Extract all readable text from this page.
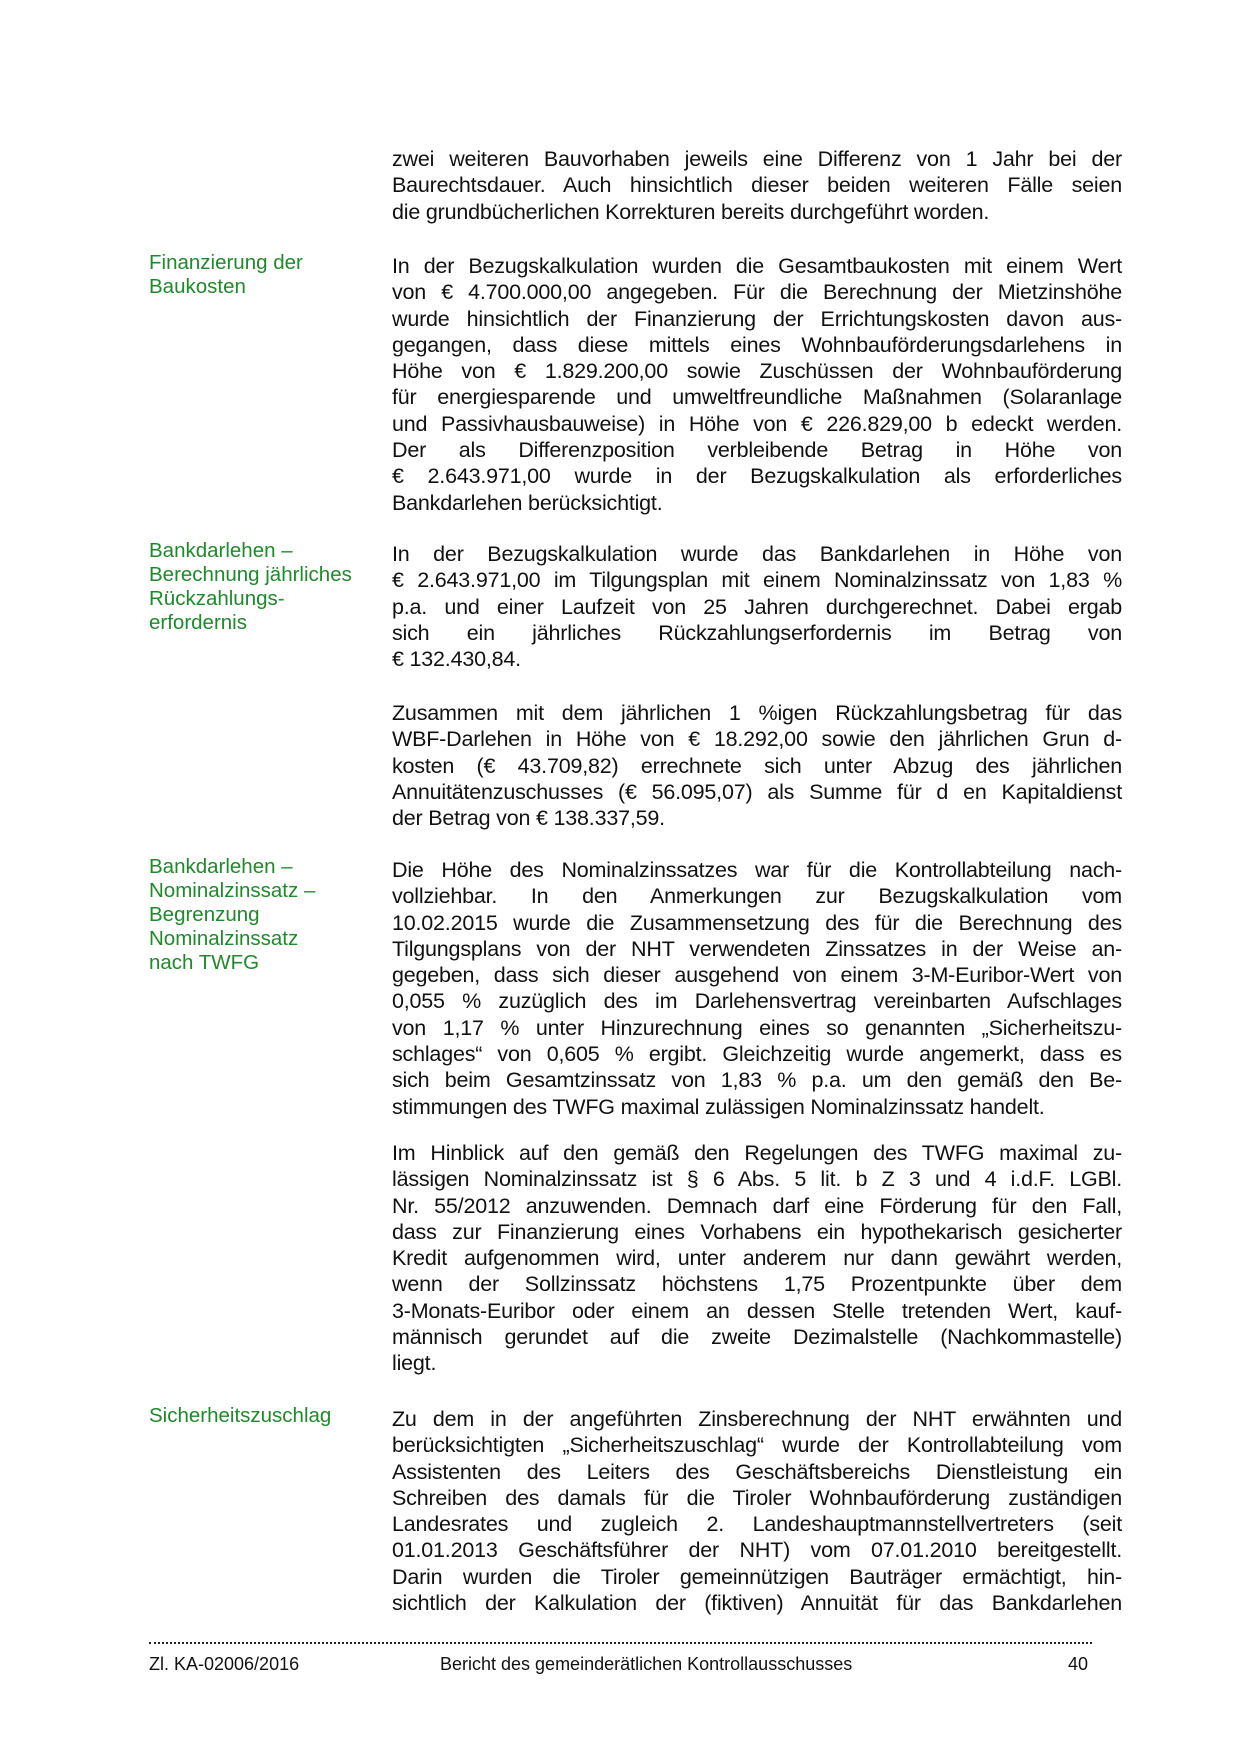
zwei weiteren Bauvorhaben jeweils eine Differenz von 1 Jahr bei der
Baurechtsdauer. Auch hinsichtlich dieser beiden weiteren Fälle seien
die grundbücherlichen Korrekturen bereits durchgeführt worden.
Finanzierung der
Baukosten
In der Bezugskalkulation wurden die Gesamtbaukosten mit einem Wert
von € 4.700.000,00 angegeben. Für die Berechnung der Mietzinshöhe
wurde hinsichtlich der Finanzierung der Errichtungskosten davon aus-
gegangen, dass diese mittels eines Wohnbauförderungsdarlehens in
Höhe von € 1.829.200,00 sowie Zuschüssen der Wohnbauförderung
für energiesparende und umweltfreundliche Maßnahmen (Solaranlage
und Passivhausbauweise) in Höhe von € 226.829,00 b edeckt werden.
Der als Differenzposition verbleibende Betrag in Höhe von
€ 2.643.971,00 wurde in der Bezugskalkulation als erforderliches
Bankdarlehen berücksichtigt.
Bankdarlehen –
Berechnung jährliches
Rückzahlungs-
erfordernis
In der Bezugskalkulation wurde das Bankdarlehen in Höhe von
€ 2.643.971,00 im Tilgungsplan mit einem Nominalzinssatz von 1,83 %
p.a. und einer Laufzeit von 25 Jahren durchgerechnet. Dabei ergab
sich ein jährliches Rückzahlungserfordernis im Betrag von
€ 132.430,84.
Zusammen mit dem jährlichen 1 %igen Rückzahlungsbetrag für das
WBF-Darlehen in Höhe von € 18.292,00 sowie den jährlichen Grun d-
kosten (€ 43.709,82) errechnete sich unter Abzug des jährlichen
Annuitätenzuschusses (€ 56.095,07) als Summe für d en Kapitaldienst
der Betrag von € 138.337,59.
Bankdarlehen –
Nominalzinssatz –
Begrenzung
Nominalzinssatz
nach TWFG
Die Höhe des Nominalzinssatzes war für die Kontrollabteilung nach-
vollziehbar. In den Anmerkungen zur Bezugskalkulation vom
10.02.2015 wurde die Zusammensetzung des für die Berechnung des
Tilgungsplans von der NHT verwendeten Zinssatzes in der Weise an-
gegeben, dass sich dieser ausgehend von einem 3-M-Euribor-Wert von
0,055 % zuzüglich des im Darlehensvertrag vereinbarten Aufschlages
von 1,17 % unter Hinzurechnung eines so genannten „Sicherheitszu-
schlages“ von 0,605 % ergibt. Gleichzeitig wurde angemerkt, dass es
sich beim Gesamtzinssatz von 1,83 % p.a. um den gemäß den Be-
stimmungen des TWFG maximal zulässigen Nominalzinssatz handelt.
Im Hinblick auf den gemäß den Regelungen des TWFG maximal zu-
lässigen Nominalzinssatz ist § 6 Abs. 5 lit. b Z 3 und 4 i.d.F. LGBl.
Nr. 55/2012 anzuwenden. Demnach darf eine Förderung für den Fall,
dass zur Finanzierung eines Vorhabens ein hypothekarisch gesicherter
Kredit aufgenommen wird, unter anderem nur dann gewährt werden,
wenn der Sollzinssatz höchstens 1,75 Prozentpunkte über dem
3-Monats-Euribor oder einem an dessen Stelle tretenden Wert, kauf-
männisch gerundet auf die zweite Dezimalstelle (Nachkommastelle)
liegt.
Sicherheitszuschlag	Zu dem in der angeführten Zinsberechnung der NHT erwähnten und
berücksichtigten „Sicherheitszuschlag“ wurde der Kontrollabteilung vom
Assistenten des Leiters des Geschäftsbereichs Dienstleistung ein
Schreiben des damals für die Tiroler Wohnbauförderung zuständigen
Landesrates und zugleich 2. Landeshauptmannstellvertreters (seit
01.01.2013 Geschäftsführer der NHT) vom 07.01.2010 bereitgestellt.
Darin wurden die Tiroler gemeinnützigen Bauträger ermächtigt, hin-
sichtlich der Kalkulation der (fiktiven) Annuität für das Bankdarlehen
Zl. KA-02006/2016	Bericht des gemeinderätlichen Kontrollausschusses	40
